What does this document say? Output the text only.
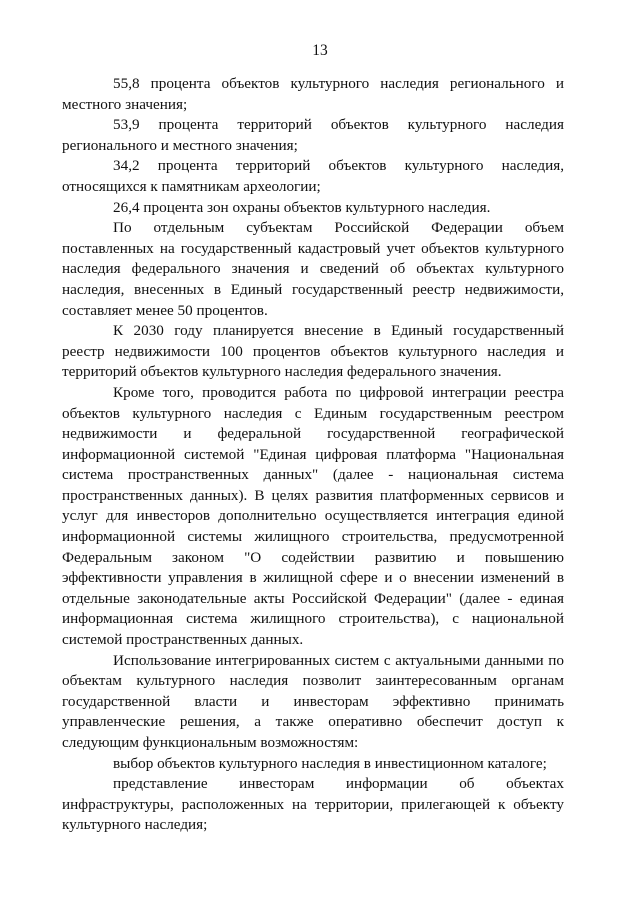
13

55,8 процента объектов культурного наследия регионального и местного значения;

53,9 процента территорий объектов культурного наследия регионального и местного значения;

34,2 процента территорий объектов культурного наследия, относящихся к памятникам археологии;

26,4 процента зон охраны объектов культурного наследия.

По отдельным субъектам Российской Федерации объем поставленных на государственный кадастровый учет объектов культурного наследия федерального значения и сведений об объектах культурного наследия, внесенных в Единый государственный реестр недвижимости, составляет менее 50 процентов.

К 2030 году планируется внесение в Единый государственный реестр недвижимости 100 процентов объектов культурного наследия и территорий объектов культурного наследия федерального значения.

Кроме того, проводится работа по цифровой интеграции реестра объектов культурного наследия с Единым государственным реестром недвижимости и федеральной государственной географической информационной системой "Единая цифровая платформа "Национальная система пространственных данных" (далее - национальная система пространственных данных). В целях развития платформенных сервисов и услуг для инвесторов дополнительно осуществляется интеграция единой информационной системы жилищного строительства, предусмотренной Федеральным законом "О содействии развитию и повышению эффективности управления в жилищной сфере и о внесении изменений в отдельные законодательные акты Российской Федерации" (далее - единая информационная система жилищного строительства), с национальной системой пространственных данных.

Использование интегрированных систем с актуальными данными по объектам культурного наследия позволит заинтересованным органам государственной власти и инвесторам эффективно принимать управленческие решения, а также оперативно обеспечит доступ к следующим функциональным возможностям:

выбор объектов культурного наследия в инвестиционном каталоге;

представление инвесторам информации об объектах инфраструктуры, расположенных на территории, прилегающей к объекту культурного наследия;
